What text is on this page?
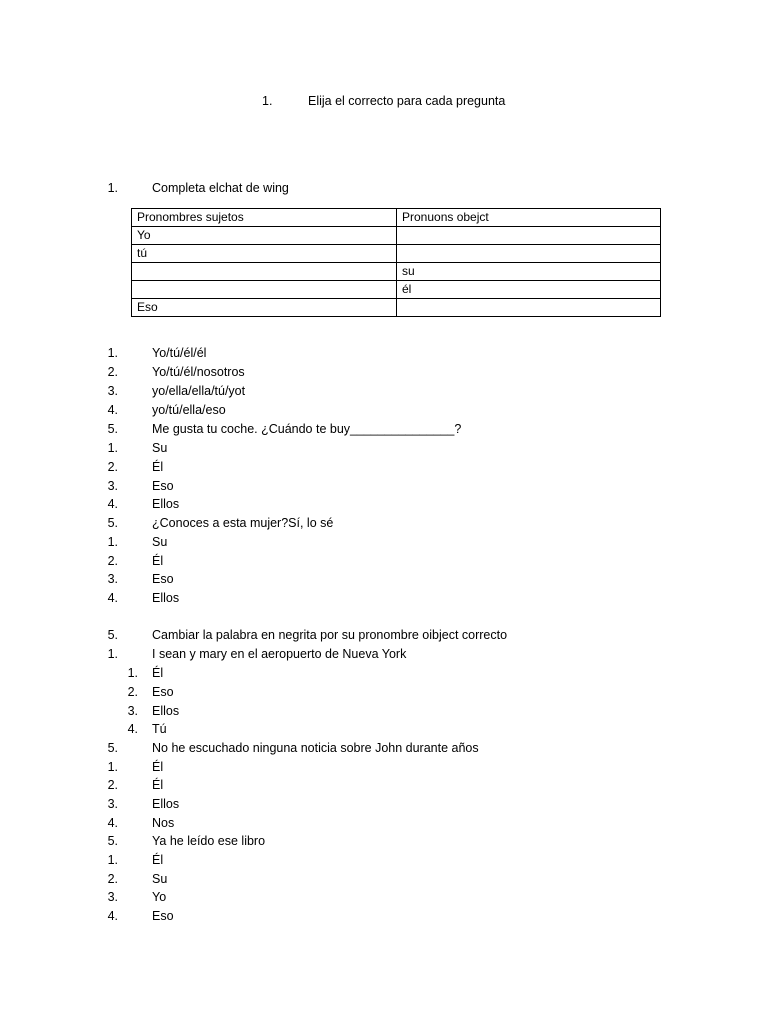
1.	Elija el correcto para cada pregunta
1.	Completa elchat de wing
Pronombres sujetos	Pronuons obejct
Yo	
tú	
	su
	él
Eso	
1.	Yo/tú/él/él
2.	Yo/tú/él/nosotros
3.	yo/ella/ella/tú/yot
4.	yo/tú/ella/eso
5.	Me gusta tu coche. ¿Cuándo te buy_______________?
1.	Su
2.	Él
3.	Eso
4.	Ellos
5.	¿Conoces a esta mujer?Sí, lo sé
1.	Su
2.	Él
3.	Eso
4.	Ellos
5.	Cambiar la palabra en negrita por su pronombre oibject correcto
1.	I sean y mary en el aeropuerto de Nueva York
1. Él
2. Eso
3. Ellos
4. Tú
5.	No he escuchado ninguna noticia sobre John durante años
1.	Él
2.	Él
3.	Ellos
4.	Nos
5.	Ya he leído ese libro
1.	Él
2.	Su
3.	Yo
4.	Eso
